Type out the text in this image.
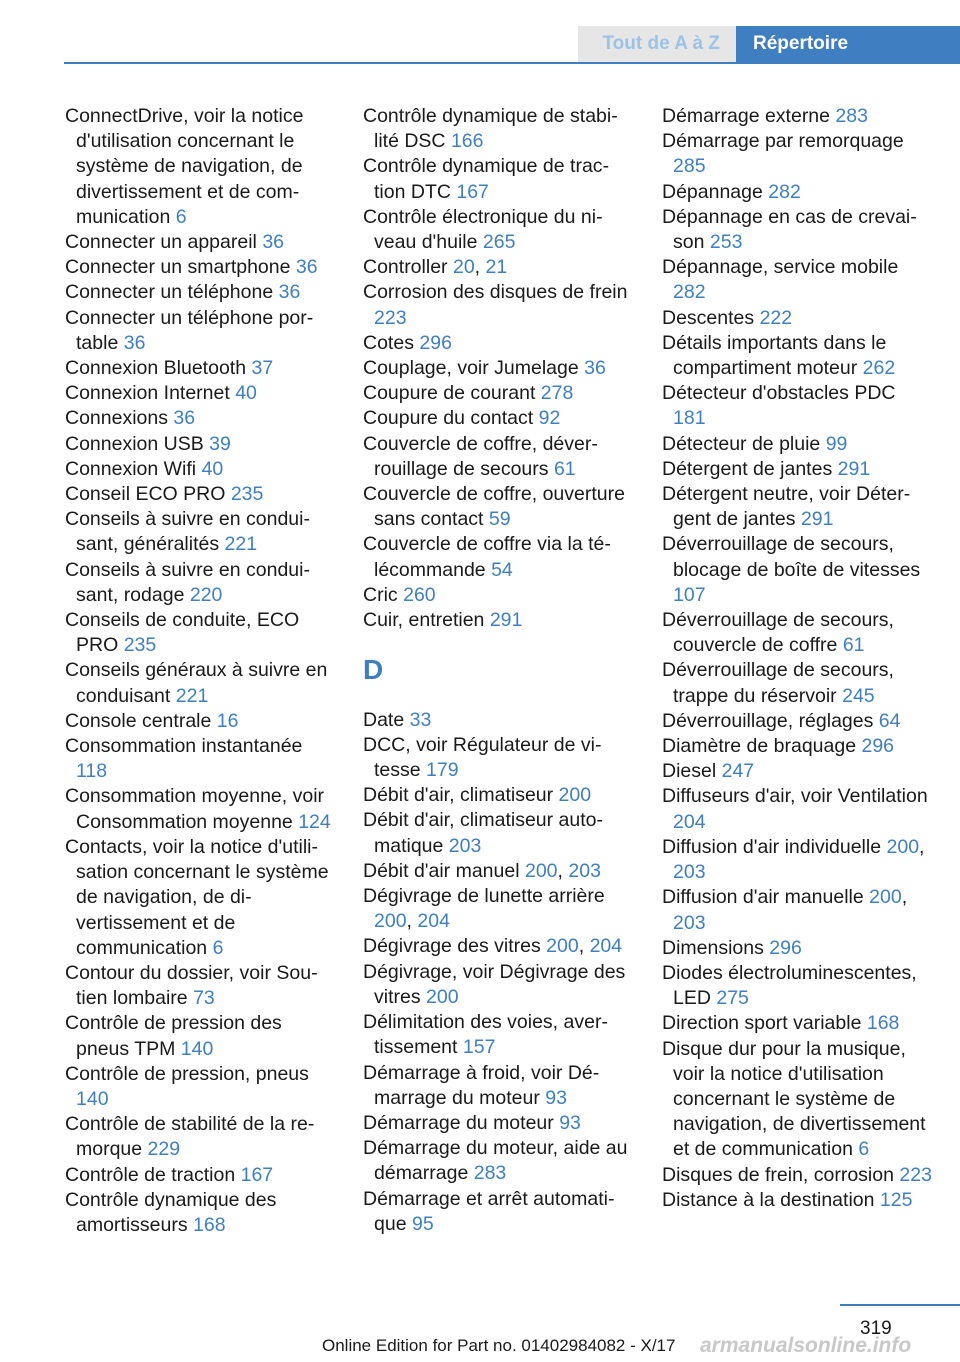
Tout de A à Z	Répertoire
ConnectDrive, voir la notice d'utilisation concernant le système de navigation, de divertissement et de communication 6
Connecter un appareil 36
Connecter un smartphone 36
Connecter un téléphone 36
Connecter un téléphone portable 36
Connexion Bluetooth 37
Connexion Internet 40
Connexions 36
Connexion USB 39
Connexion Wifi 40
Conseil ECO PRO 235
Conseils à suivre en conduisant, généralités 221
Conseils à suivre en conduisant, rodage 220
Conseils de conduite, ECO PRO 235
Conseils généraux à suivre en conduisant 221
Console centrale 16
Consommation instantanée 118
Consommation moyenne, voir Consommation moyenne 124
Contacts, voir la notice d'utilisation concernant le système de navigation, de divertissement et de communication 6
Contour du dossier, voir Soutien lombaire 73
Contrôle de pression des pneus TPM 140
Contrôle de pression, pneus 140
Contrôle de stabilité de la remorque 229
Contrôle de traction 167
Contrôle dynamique des amortisseurs 168
Contrôle dynamique de stabilité DSC 166
Contrôle dynamique de traction DTC 167
Contrôle électronique du niveau d'huile 265
Controller 20, 21
Corrosion des disques de frein 223
Cotes 296
Couplage, voir Jumelage 36
Coupure de courant 278
Coupure du contact 92
Couvercle de coffre, déverrouillage de secours 61
Couvercle de coffre, ouverture sans contact 59
Couvercle de coffre via la télécommande 54
Cric 260
Cuir, entretien 291
D
Date 33
DCC, voir Régulateur de vitesse 179
Débit d'air, climatiseur 200
Débit d'air, climatiseur automatique 203
Débit d'air manuel 200, 203
Dégivrage de lunette arrière 200, 204
Dégivrage des vitres 200, 204
Dégivrage, voir Dégivrage des vitres 200
Délimitation des voies, avertissement 157
Démarrage à froid, voir Démarrage du moteur 93
Démarrage du moteur 93
Démarrage du moteur, aide au démarrage 283
Démarrage et arrêt automatique 95
Démarrage externe 283
Démarrage par remorquage 285
Dépannage 282
Dépannage en cas de crevaison 253
Dépannage, service mobile 282
Descentes 222
Détails importants dans le compartiment moteur 262
Détecteur d'obstacles PDC 181
Détecteur de pluie 99
Détergent de jantes 291
Détergent neutre, voir Détergent de jantes 291
Déverrouillage de secours, blocage de boîte de vitesses 107
Déverrouillage de secours, couvercle de coffre 61
Déverrouillage de secours, trappe du réservoir 245
Déverrouillage, réglages 64
Diamètre de braquage 296
Diesel 247
Diffuseurs d'air, voir Ventilation 204
Diffusion d'air individuelle 200, 203
Diffusion d'air manuelle 200, 203
Dimensions 296
Diodes électroluminescentes, LED 275
Direction sport variable 168
Disque dur pour la musique, voir la notice d'utilisation concernant le système de navigation, de divertissement et de communication 6
Disques de frein, corrosion 223
Distance à la destination 125
319
Online Edition for Part no. 01402984082 - X/17 armanualsonline.info
